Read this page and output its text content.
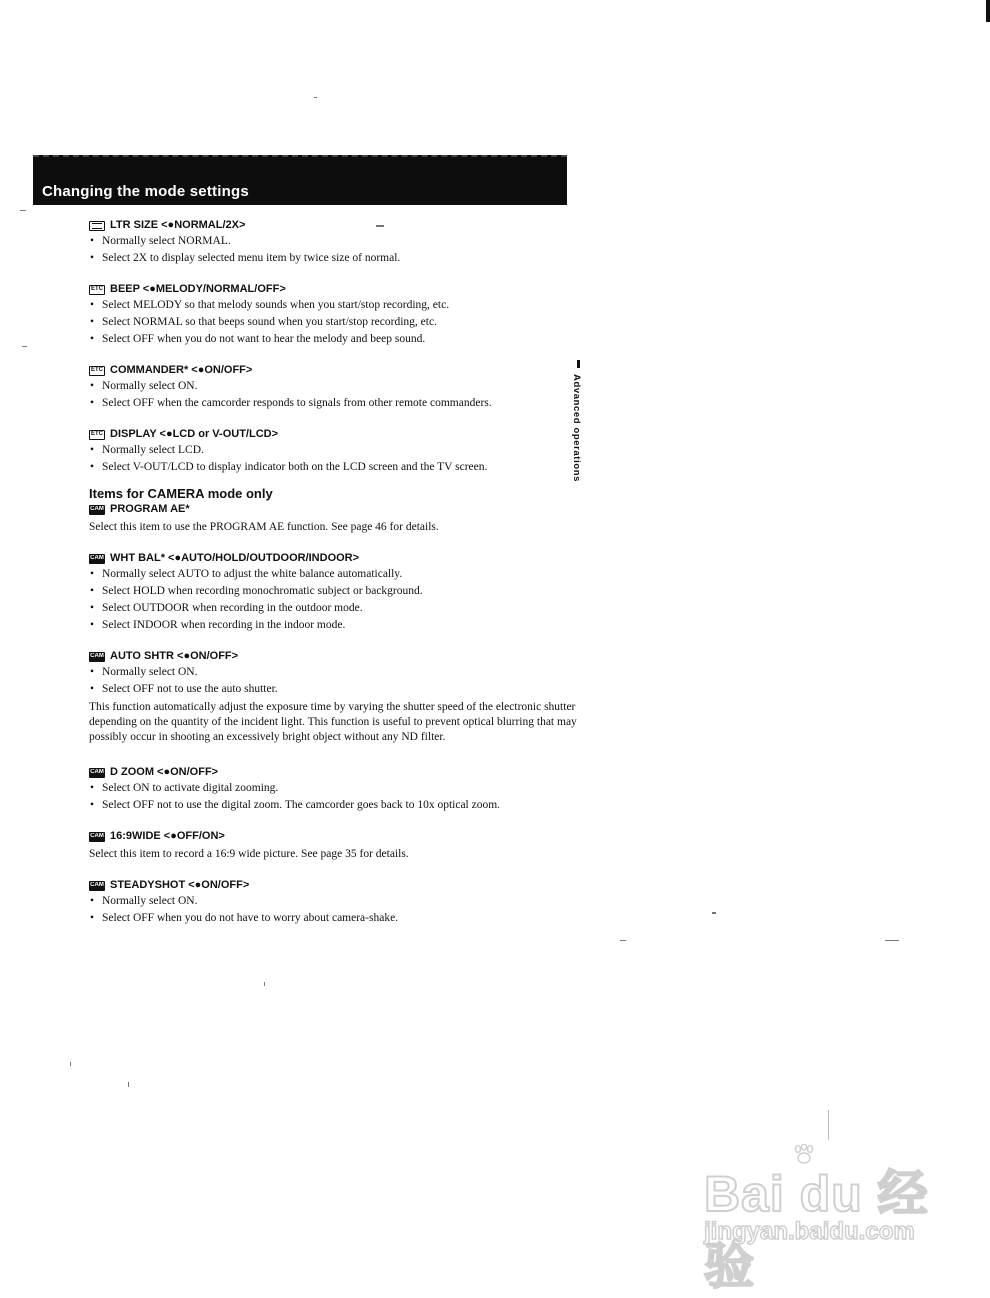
Changing the mode settings
LTR SIZE <●NORMAL/2X>
• Normally select NORMAL.
• Select 2X to display selected menu item by twice size of normal.
ETC BEEP <●MELODY/NORMAL/OFF>
• Select MELODY so that melody sounds when you start/stop recording, etc.
• Select NORMAL so that beeps sound when you start/stop recording, etc.
• Select OFF when you do not want to hear the melody and beep sound.
ETC COMMANDER* <●ON/OFF>
• Normally select ON.
• Select OFF when the camcorder responds to signals from other remote commanders.
ETC DISPLAY <●LCD or V-OUT/LCD>
• Normally select LCD.
• Select V-OUT/LCD to display indicator both on the LCD screen and the TV screen.
Items for CAMERA mode only
CAM PROGRAM AE*

Select this item to use the PROGRAM AE function. See page 46 for details.

CAM WHT BAL* <●AUTO/HOLD/OUTDOOR/INDOOR>
• Normally select AUTO to adjust the white balance automatically.
• Select HOLD when recording monochromatic subject or background.
• Select OUTDOOR when recording in the outdoor mode.
• Select INDOOR when recording in the indoor mode.
CAM AUTO SHTR <●ON/OFF>
• Normally select ON.
• Select OFF not to use the auto shutter.

This function automatically adjust the exposure time by varying the shutter speed of the electronic shutter depending on the quantity of the incident light. This function is useful to prevent optical blurring that may possibly occur in shooting an excessively bright object without any ND filter.

CAM D ZOOM <●ON/OFF>
• Select ON to activate digital zooming.
• Select OFF not to use the digital zoom. The camcorder goes back to 10x optical zoom.
CAM 16:9WIDE <●OFF/ON>

Select this item to record a 16:9 wide picture. See page 35 for details.

CAM STEADYSHOT <●ON/OFF>
• Normally select ON.
• Select OFF when you do not have to worry about camera-shake.
Advanced operations
Bai du 经验
jingyan.baidu.com
